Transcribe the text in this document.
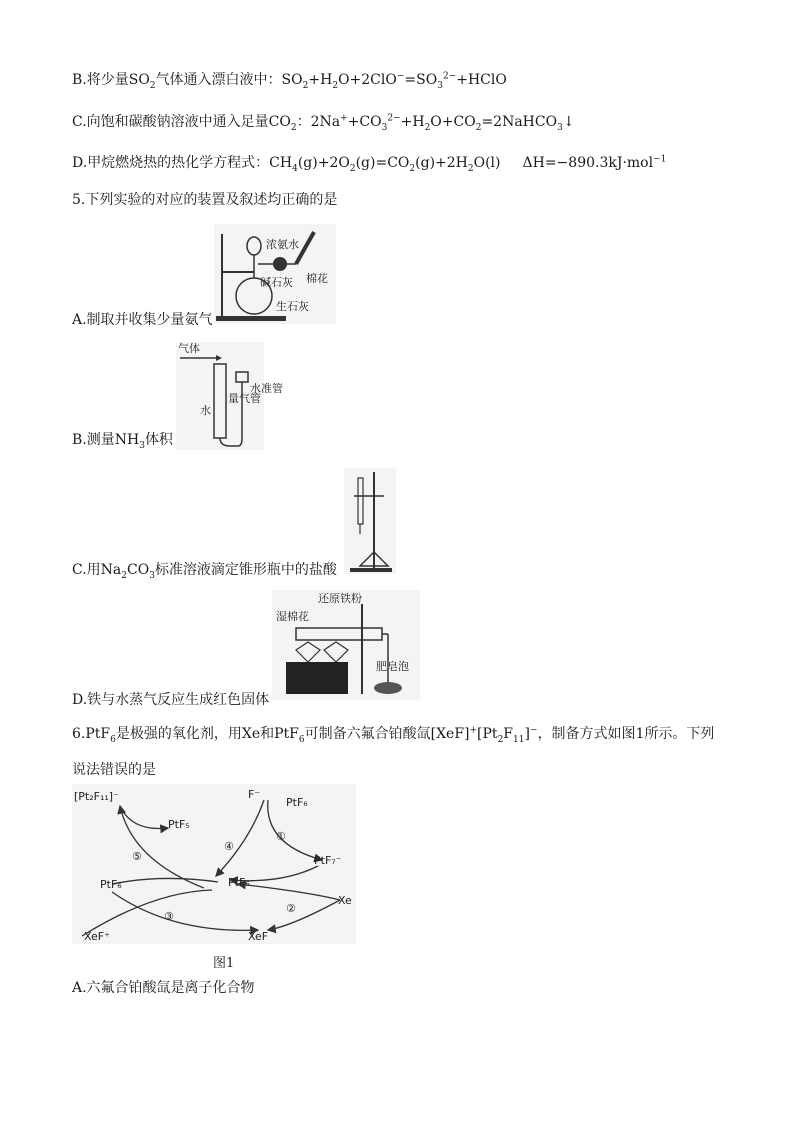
B.将少量$SO_2$气体通入漂白液中：$SO_2+H_2O+2ClO^-=SO_3^{2-}+HClO$
C.向饱和碳酸钠溶液中通入足量$CO_2$：$2Na^++CO_3^{2-}+H_2O+CO_2=2NaHCO_3↓$
D.甲烷燃烧热的热化学方程式：$CH_4(g)+2O_2(g)=CO_2(g)+2H_2O(l)$ ΔH=−890.3kJ·mol$^{-1}$
5.下列实验的对应的装置及叙述均正确的是
浓氨水
棉花
碱石灰
生石灰
A.制取并收集少量氨气
气体
量气管
水准管
水
B.测量$NH_3$体积
C.用$Na_2CO_3$标准溶液滴定锥形瓶中的盐酸
湿棉花
还原铁粉
肥皂泡
D.铁与水蒸气反应生成红色固体
6.PtF$_6$是极强的氧化剂，用Xe和PtF$_6$可制备六氟合铂酸氙$[XeF]^+[Pt_2F_{11}]^-$，制备方式如图1所示。下列
说法错误的是
[Pt₂F₁₁]⁻	F⁻
PtF₆
PtF₅
①
④
⑤	PtF₇⁻
PtF₆	PtF₆⁻
Xe
③
②
XeF⁺	XeF
图1
A.六氟合铂酸氙是离子化合物
